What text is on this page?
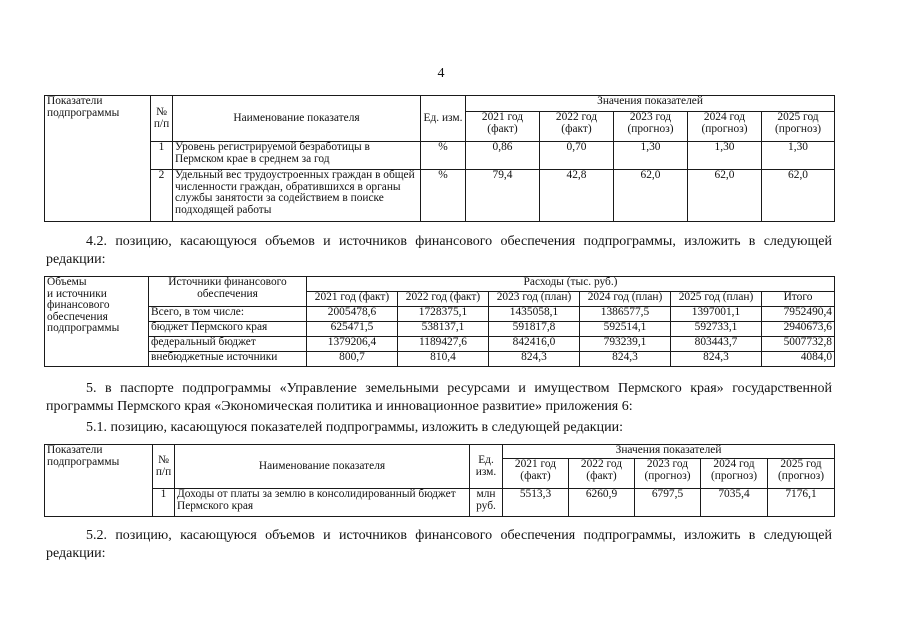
4
Показатели подпрограммы	№ п/п	Наименование показателя	Ед. изм.	Значения показателей				
				2021 год (факт)	2022 год (факт)	2023 год (прогноз)	2024 год (прогноз)	2025 год (прогноз)
	1	Уровень регистрируемой безработицы в Пермском крае в среднем за год	%	0,86	0,70	1,30	1,30	1,30
	2	Удельный вес трудоустроенных граждан в общей численности граждан, обратившихся в органы службы занятости за содействием в поиске подходящей работы	%	79,4	42,8	62,0	62,0	62,0
4.2. позицию, касающуюся объемов и источников финансового обеспечения подпрограммы, изложить в следующей редакции:
Объемы
и источники
финансового
обеспечения
подпрограммы	Источники финансового обеспечения	Расходы (тыс. руб.)					
		2021 год (факт)	2022 год (факт)	2023 год (план)	2024 год (план)	2025 год (план)	Итого
	Всего, в том числе:	2005478,6	1728375,1	1435058,1	1386577,5	1397001,1	7952490,4
	бюджет Пермского края	625471,5	538137,1	591817,8	592514,1	592733,1	2940673,6
	федеральный бюджет	1379206,4	1189427,6	842416,0	793239,1	803443,7	5007732,8
	внебюджетные источники	800,7	810,4	824,3	824,3	824,3	4084,0
5. в паспорте подпрограммы «Управление земельными ресурсами и имуществом Пермского края» государственной программы Пермского края «Экономическая политика и инновационное развитие» приложения 6:
5.1. позицию, касающуюся показателей подпрограммы, изложить в следующей редакции:
Показатели подпрограммы	№ п/п	Наименование показателя	Ед. изм.	Значения показателей				
				2021 год (факт)	2022 год (факт)	2023 год (прогноз)	2024 год (прогноз)	2025 год (прогноз)
	1	Доходы от платы за землю в консолидированный бюджет Пермского края	млн руб.	5513,3	6260,9	6797,5	7035,4	7176,1
5.2. позицию, касающуюся объемов и источников финансового обеспечения подпрограммы, изложить в следующей редакции:
